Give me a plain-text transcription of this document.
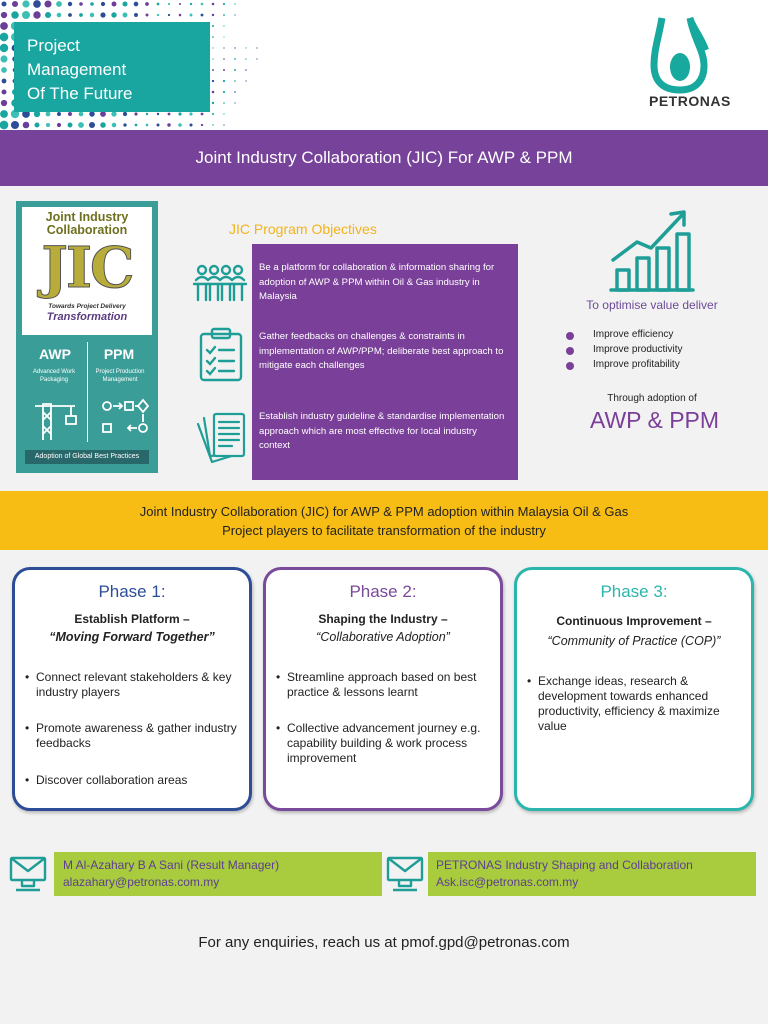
Project
Management
Of The Future	PETRONAS
Joint Industry Collaboration (JIC) For AWP & PPM
Joint Industry
Collaboration
JIC
Towards Project Delivery
Transformation
AWP
Advanced Work Packaging
PPM
Project Production Management
Adoption of Global Best Practices
JIC Program Objectives
Be a platform for collaboration & information sharing for adoption of AWP & PPM within Oil & Gas industry in Malaysia
Gather feedbacks on challenges & constraints in implementation of AWP/PPM; deliberate best approach to mitigate each challenges
Establish industry guideline & standardise implementation approach which are most effective for local industry context
To optimise value deliver
Improve efficiency
Improve productivity
Improve profitability
Through adoption of
AWP & PPM
Joint Industry Collaboration (JIC) for AWP & PPM adoption within Malaysia Oil & Gas
Project players to facilitate transformation of the industry
Phase 1:
Establish Platform –
“Moving Forward Together”
• Connect relevant stakeholders & key industry players
• Promote awareness & gather industry feedbacks
• Discover collaboration areas
Phase 2:
Shaping the Industry –
“Collaborative Adoption”
• Streamline approach based on best practice & lessons learnt
• Collective advancement journey e.g. capability building & work process improvement
Phase 3:
Continuous Improvement –
“Community of Practice (COP)”
• Exchange ideas, research & development towards enhanced productivity, efficiency & maximize value
M Al-Azahary B A Sani (Result Manager)
alazahary@petronas.com.my
PETRONAS Industry Shaping and Collaboration
Ask.isc@petronas.com.my
For any enquiries, reach us at pmof.gpd@petronas.com
